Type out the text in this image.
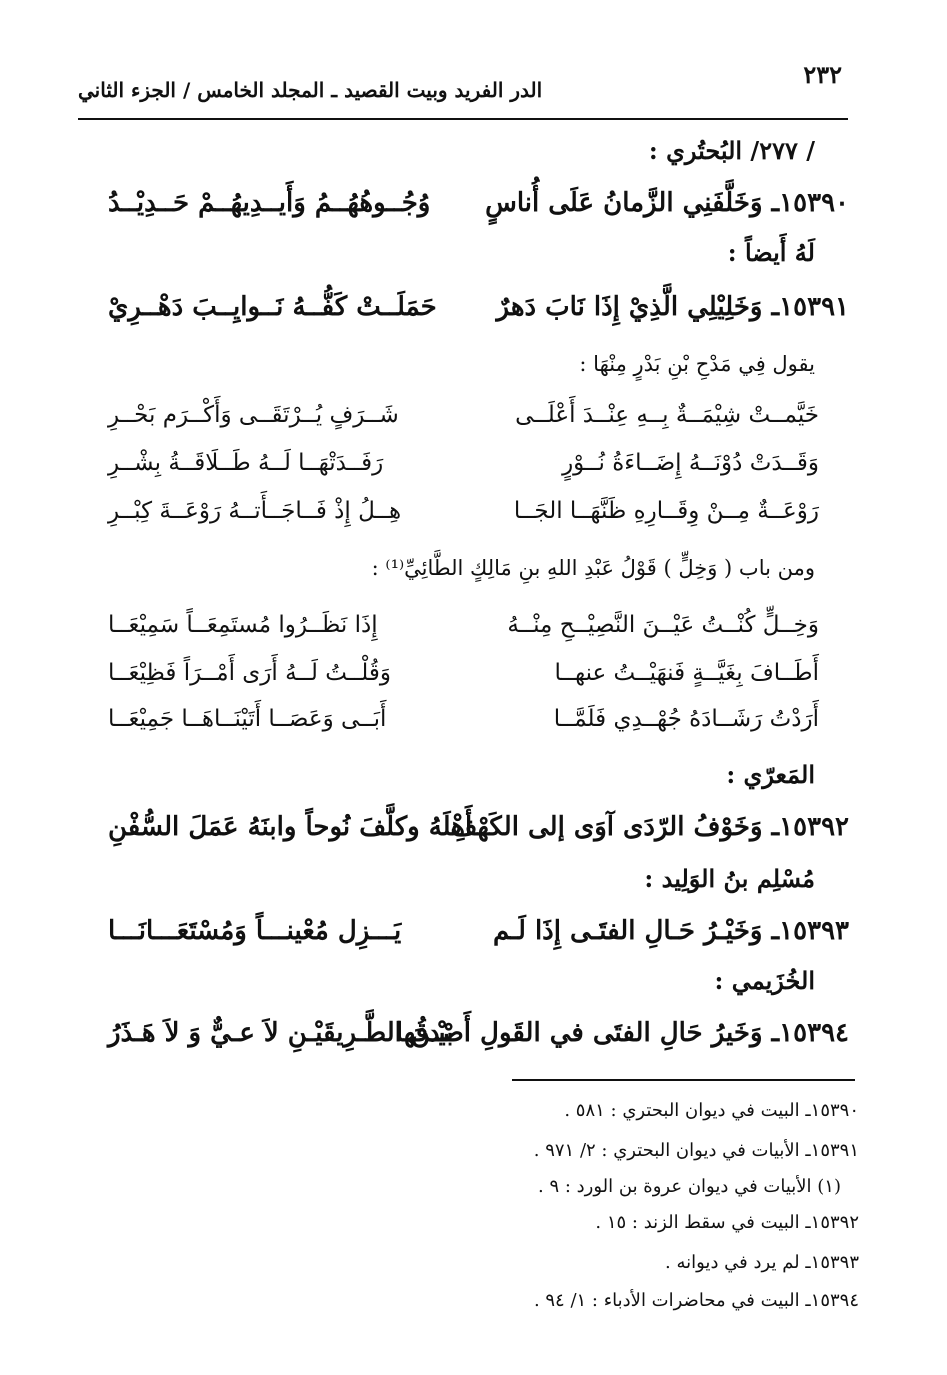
٢٣٢
الدر الفريد وبيت القصيد ـ المجلد الخامس / الجزء الثاني
/ ٢٧٧/ البُحتُري :
١٥٣٩٠ـ وَخَلَّفَنِي الزَّمانُ عَلَى أُناسٍ
وُجُــوهُهُــمُ وَأَيــدِيهُــمْ حَــدِيْــدُ
لَهُ أَيضاً :
١٥٣٩١ـ وَخَلِيْلِي الَّذِيْ إِذَا نَابَ دَهرٌ
حَمَلَــتْ كَفُّــهُ نَــوايِــبَ دَهْــرِيْ
يقول فِي مَدْحِ بْنِ بَدْرٍ مِنْهَا :
خَيَّمــتْ شِيْمَــةٌ بِــهِ عِنْــدَ أَعْلَــى
شَــرَفٍ يُــرْتَقَــى وَأَكْــرَم بَحْــرِ
وَقَــدَتْ دُوْنَــهُ إِضَــاءَةُ نُــوْرٍ
رَفَــدَتْهَــا لَــهُ طَــلَاقَــةُ بِشْــرِ
رَوْعَــةٌ مِــنْ وِقَــارِهِ ظَنَّهَــا الجَــا
هِــلُ إِذْ فَــاجَــأَتــهُ رَوْعَــةَ كِبْــرِ
ومن باب ( وَخِلٍّ ) قَوْلُ عَبْدِ اللهِ بنِ مَالِكٍ الطَّائِيِّ⁽¹⁾ :
وَخِــلٍّ كُنْــتُ عَيْــنَ النَّصِيْــحِ مِنْــهُ
إِذَا نَظَــرُوا مُستَمِعَــاً سَمِيْعَــا
أَطَــافَ بِغَيَّــةٍ فَنهَيْــتُ عنهــا
وَقُلْــتُ لَــهُ أَرَى أَمْــرَاً فَظِيْعَــا
أَرَدْتُ رَشَــادَهُ جُهْــدِي فَلَمَّــا
أَبَــى وَعَصَــا أَتَيْنَــاهَــا جَمِيْعَــا
المَعرّي :
١٥٣٩٢ـ وَخَوْفُ الرّدَى آوَى إلى الكَهْفِ
أَهْلَهُ وكلَّفَ نُوحاً وابنَهُ عَمَلَ السُّفْنِ
مُسْلِم بنُ الوَلِيد :
١٥٣٩٣ـ وَخَيْـرُ حَـالِ الفتَـى إِذَا لَـم
يَـــزِل مُعْينـــاً وَمُسْتَعَـــانَـــا
الخُزَيمي :
١٥٣٩٤ـ وَخَيرُ حَالِ الفتَى في القَولِ أَصْدقُها
بيْـنَ الطَّـرِيقَيْـنِ لاَ عـيٌّ وَ لاَ هَـذَرُ
١٥٣٩٠ـ البيت في ديوان البحتري : ٥٨١ .
١٥٣٩١ـ الأبيات في ديوان البحتري : ٢/ ٩٧١ .
(١) الأبيات في ديوان عروة بن الورد : ٩ .
١٥٣٩٢ـ البيت في سقط الزند : ١٥ .
١٥٣٩٣ـ لم يرد في ديوانه .
١٥٣٩٤ـ البيت في محاضرات الأدباء : ١/ ٩٤ .
